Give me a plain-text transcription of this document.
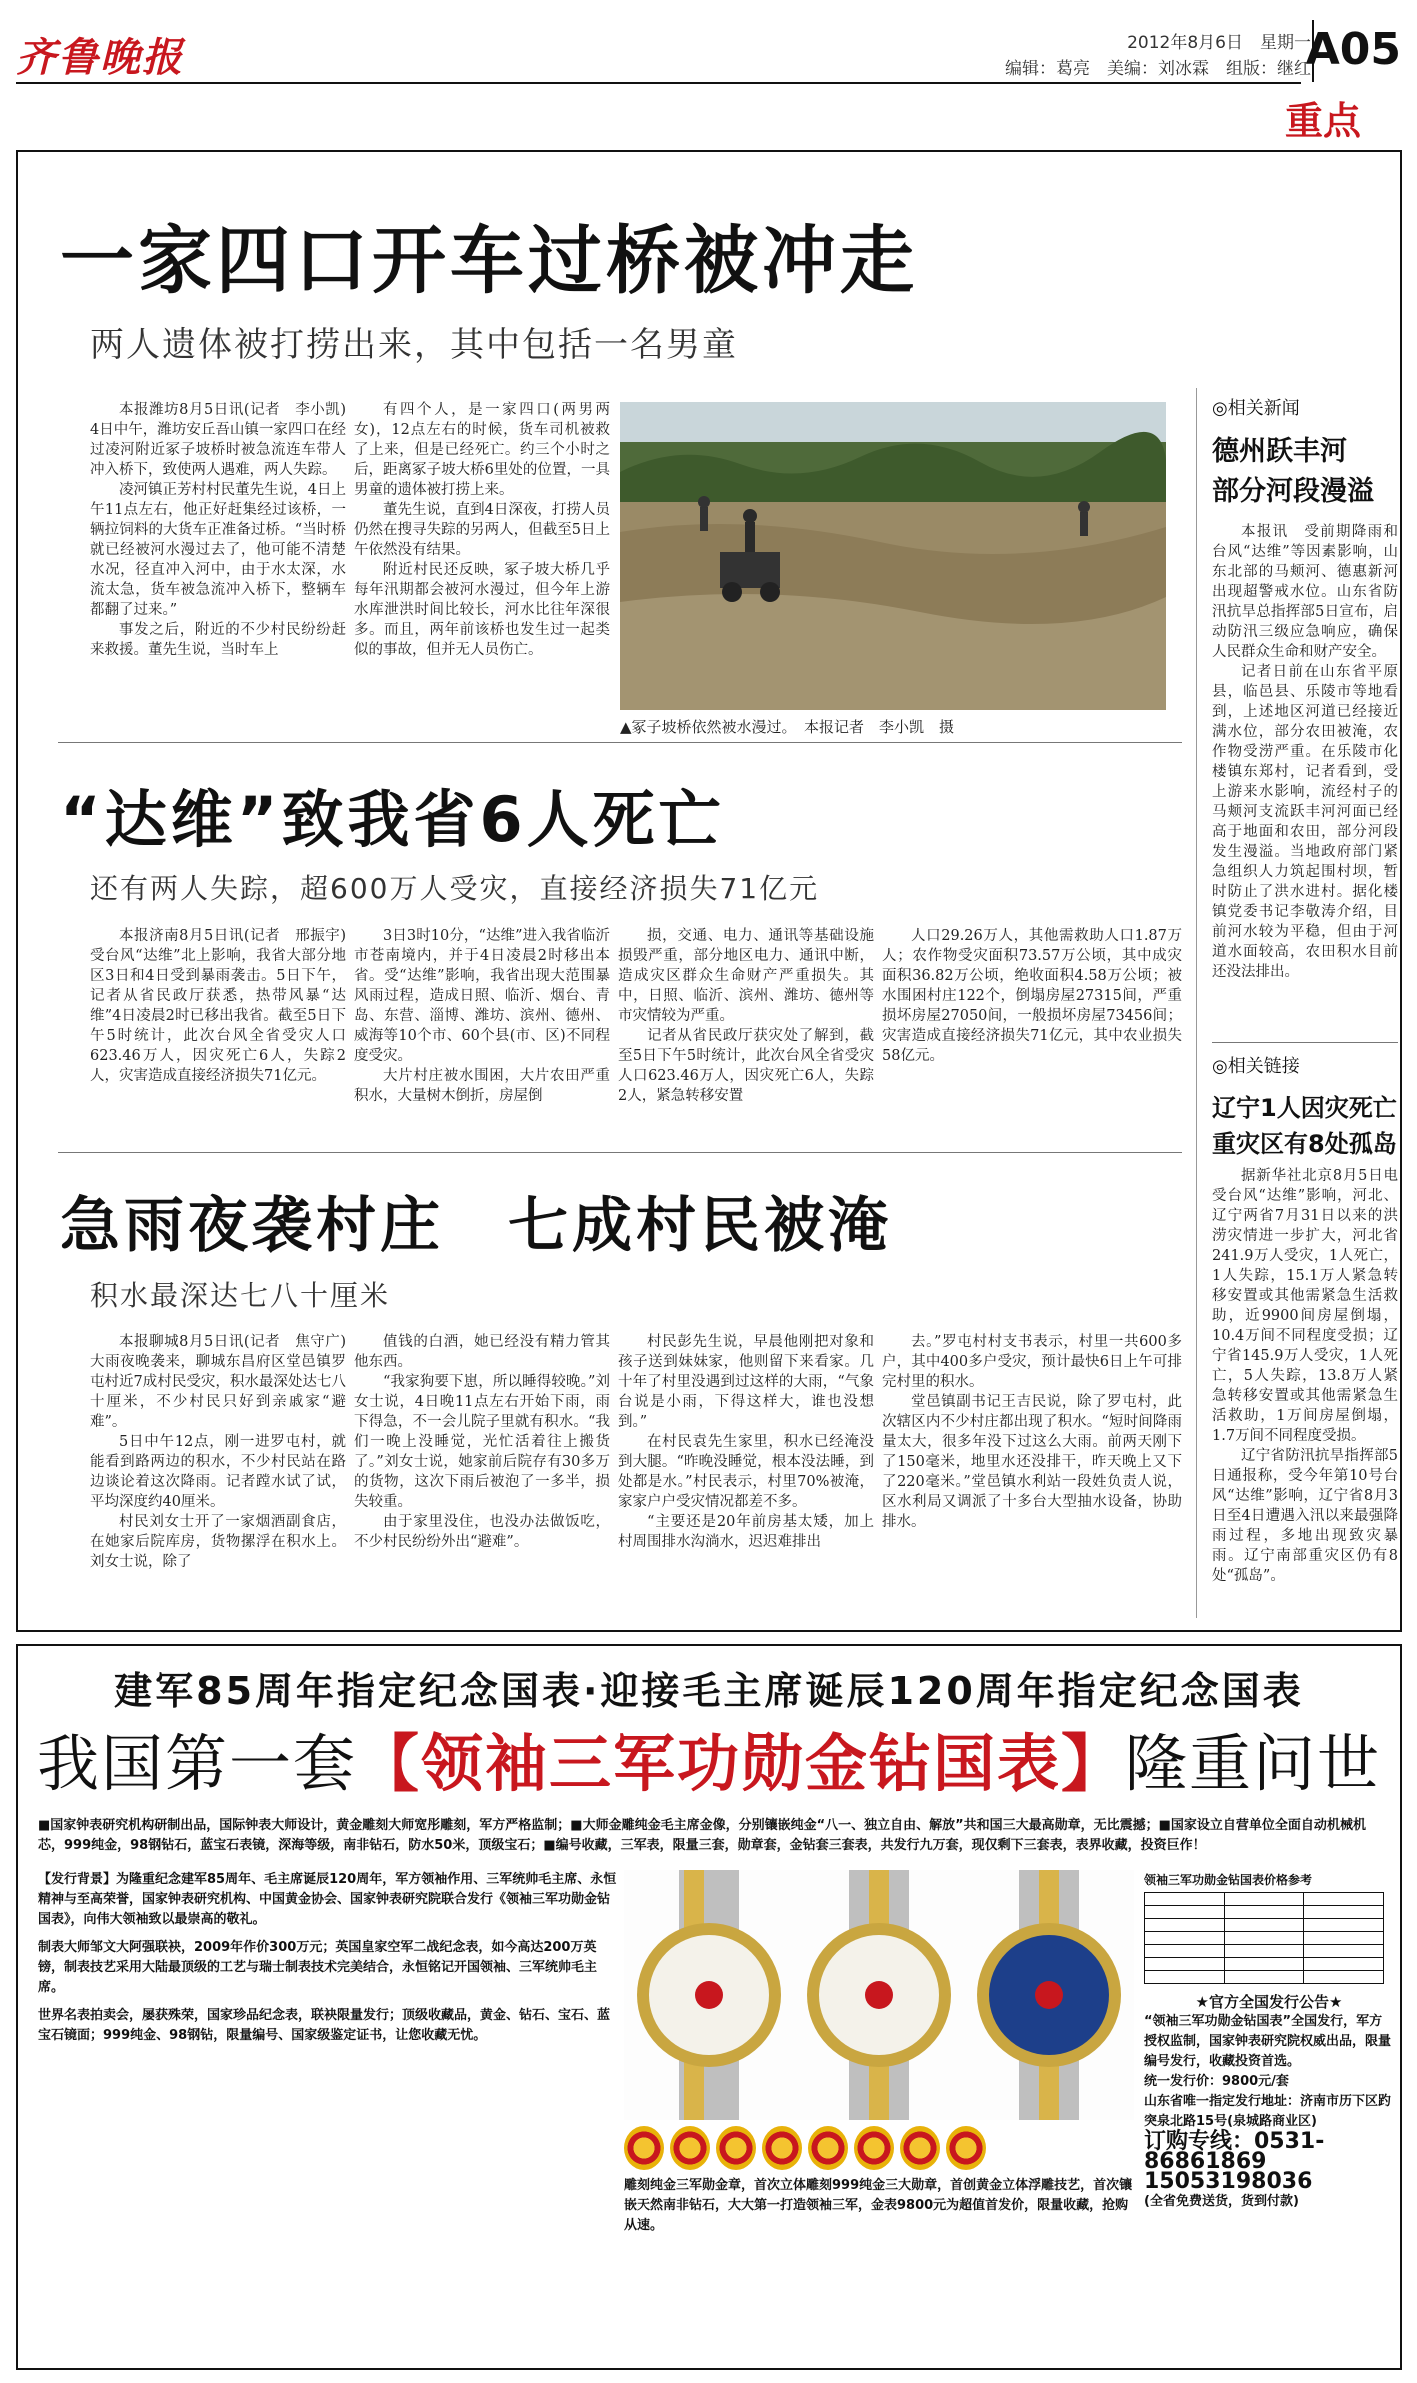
齐鲁晚报	2012年8月6日　星期一
编辑：葛亮　美编：刘冰霖　组版：继红
A05
重点
一家四口开车过桥被冲走
两人遗体被打捞出来，其中包括一名男童

本报潍坊8月5日讯(记者　李小凯)　4日中午，潍坊安丘吾山镇一家四口在经过凌河附近冢子坡桥时被急流连车带人冲入桥下，致使两人遇难，两人失踪。

凌河镇正芳村村民董先生说，4日上午11点左右，他正好赶集经过该桥，一辆拉饲料的大货车正准备过桥。“当时桥就已经被河水漫过去了，他可能不清楚水况，径直冲入河中，由于水太深，水流太急，货车被急流冲入桥下，整辆车都翻了过来。”

事发之后，附近的不少村民纷纷赶来救援。董先生说，当时车上

有四个人，是一家四口(两男两女)，12点左右的时候，货车司机被救了上来，但是已经死亡。约三个小时之后，距离冢子坡大桥6里处的位置，一具男童的遗体被打捞上来。

董先生说，直到4日深夜，打捞人员仍然在搜寻失踪的另两人，但截至5日上午依然没有结果。

附近村民还反映，冢子坡大桥几乎每年汛期都会被河水漫过，但今年上游水库泄洪时间比较长，河水比往年深很多。而且，两年前该桥也发生过一起类似的事故，但并无人员伤亡。

▲冢子坡桥依然被水漫过。　本报记者　李小凯　摄
“达维”致我省6人死亡
还有两人失踪，超600万人受灾，直接经济损失71亿元

本报济南8月5日讯(记者　邢振宇)　受台风“达维”北上影响，我省大部分地区3日和4日受到暴雨袭击。5日下午，记者从省民政厅获悉，热带风暴“达维”4日凌晨2时已移出我省。截至5日下午5时统计，此次台风全省受灾人口623.46万人，因灾死亡6人，失踪2人，灾害造成直接经济损失71亿元。

3日3时10分，“达维”进入我省临沂市苍南境内，并于4日凌晨2时移出本省。受“达维”影响，我省出现大范围暴风雨过程，造成日照、临沂、烟台、青岛、东营、淄博、潍坊、滨州、德州、威海等10个市、60个县(市、区)不同程度受灾。

大片村庄被水围困，大片农田严重积水，大量树木倒折，房屋倒

损，交通、电力、通讯等基础设施损毁严重，部分地区电力、通讯中断，造成灾区群众生命财产严重损失。其中，日照、临沂、滨州、潍坊、德州等市灾情较为严重。

记者从省民政厅获灾处了解到，截至5日下午5时统计，此次台风全省受灾人口623.46万人，因灾死亡6人，失踪2人，紧急转移安置

人口29.26万人，其他需救助人口1.87万人；农作物受灾面积73.57万公顷，其中成灾面积36.82万公顷，绝收面积4.58万公顷；被水围困村庄122个，倒塌房屋27315间，严重损坏房屋27050间，一般损坏房屋73456间；灾害造成直接经济损失71亿元，其中农业损失58亿元。

急雨夜袭村庄　七成村民被淹
积水最深达七八十厘米

本报聊城8月5日讯(记者　焦守广)　大雨夜晚袭来，聊城东昌府区堂邑镇罗屯村近7成村民受灾，积水最深处达七八十厘米，不少村民只好到亲戚家“避难”。

5日中午12点，刚一进罗屯村，就能看到路两边的积水，不少村民站在路边谈论着这次降雨。记者蹚水试了试，平均深度约40厘米。

村民刘女士开了一家烟酒副食店，在她家后院库房，货物摞浮在积水上。刘女士说，除了

值钱的白酒，她已经没有精力管其他东西。

“我家狗要下崽，所以睡得较晚。”刘女士说，4日晚11点左右开始下雨，雨下得急，不一会儿院子里就有积水。“我们一晚上没睡觉，光忙活着往上搬货了。”刘女士说，她家前后院存有30多万的货物，这次下雨后被泡了一多半，损失较重。

由于家里没住，也没办法做饭吃，不少村民纷纷外出“避难”。

村民彭先生说，早晨他刚把对象和孩子送到妹妹家，他则留下来看家。几十年了村里没遇到过这样的大雨，“气象台说是小雨，下得这样大，谁也没想到。”

在村民袁先生家里，积水已经淹没到大腿。“昨晚没睡觉，根本没法睡，到处都是水。”村民表示，村里70%被淹，家家户户受灾情况都差不多。

“主要还是20年前房基太矮，加上村周围排水沟淌水，迟迟难排出

去。”罗屯村村支书表示，村里一共600多户，其中400多户受灾，预计最快6日上午可排完村里的积水。

堂邑镇副书记王吉民说，除了罗屯村，此次辖区内不少村庄都出现了积水。“短时间降雨量太大，很多年没下过这么大雨。前两天刚下了150毫米，地里水还没排干，昨天晚上又下了220毫米。”堂邑镇水利站一段姓负责人说，区水利局又调派了十多台大型抽水设备，协助排水。

◎相关新闻
德州跃丰河
部分河段漫溢

本报讯　受前期降雨和台风“达维”等因素影响，山东北部的马颊河、德惠新河出现超警戒水位。山东省防汛抗旱总指挥部5日宣布，启动防汛三级应急响应，确保人民群众生命和财产安全。

记者日前在山东省平原县，临邑县、乐陵市等地看到，上述地区河道已经接近满水位，部分农田被淹，农作物受涝严重。在乐陵市化楼镇东郑村，记者看到，受上游来水影响，流经村子的马颊河支流跃丰河河面已经高于地面和农田，部分河段发生漫溢。当地政府部门紧急组织人力筑起围村坝，暂时防止了洪水进村。据化楼镇党委书记李敬涛介绍，目前河水较为平稳，但由于河道水面较高，农田积水目前还没法排出。

◎相关链接
辽宁1人因灾死亡
重灾区有8处孤岛

据新华社北京8月5日电　受台风“达维”影响，河北、辽宁两省7月31日以来的洪涝灾情进一步扩大，河北省241.9万人受灾，1人死亡，1人失踪，15.1万人紧急转移安置或其他需紧急生活救助，近9900间房屋倒塌，10.4万间不同程度受损；辽宁省145.9万人受灾，1人死亡，5人失踪，13.8万人紧急转移安置或其他需紧急生活救助，1万间房屋倒塌，1.7万间不同程度受损。

辽宁省防汛抗旱指挥部5日通报称，受今年第10号台风“达维”影响，辽宁省8月3日至4日遭遇入汛以来最强降雨过程，多地出现致灾暴雨。辽宁南部重灾区仍有8处“孤岛”。

建军85周年指定纪念国表·迎接毛主席诞辰120周年指定纪念国表
我国第一套【领袖三军功勋金钻国表】隆重问世
■国家钟表研究机构研制出品，国际钟表大师设计，黄金雕刻大师宽彤雕刻，军方严格监制；■大师金雕纯金毛主席金像，分别镶嵌纯金“八一、独立自由、解放”共和国三大最高勋章，无比震撼；■国家设立自营单位全面自动机械机芯，999纯金，98钢钻石，蓝宝石表镜，深海等级，南非钻石，防水50米，顶级宝石；■编号收藏，三军表，限量三套，勋章套，金钻套三套表，共发行九万套，现仅剩下三套表，表界收藏，投资巨作！

【发行背景】为隆重纪念建军85周年、毛主席诞辰120周年，军方领袖作用、三军统帅毛主席、永恒精神与至高荣誉，国家钟表研究机构、中国黄金协会、国家钟表研究院联合发行《领袖三军功勋金钻国表》，向伟大领袖致以最崇高的敬礼。

制表大师邹文大阿强联袂，2009年作价300万元；英国皇家空军二战纪念表，如今高达200万英镑，制表技艺采用大陆最顶级的工艺与瑞士制表技术完美结合，永恒铭记开国领袖、三军统帅毛主席。

世界名表拍卖会，屡获殊荣，国家珍品纪念表，联袂限量发行；顶级收藏品，黄金、钻石、宝石、蓝宝石镜面；999纯金、98钢钻，限量编号、国家级鉴定证书，让您收藏无忧。

雕刻纯金三军勋金章，首次立体雕刻999纯金三大勋章，首创黄金立体浮雕技艺，首次镶嵌天然南非钻石，大大第一打造领袖三军，金表9800元为超值首发价，限量收藏，抢购从速。

领袖三军功勋金钻国表价格参考

★官方全国发行公告★

“领袖三军功勋金钻国表”全国发行，军方授权监制，国家钟表研究院权威出品，限量编号发行，收藏投资首选。

统一发行价：9800元/套

山东省唯一指定发行地址：济南市历下区趵突泉北路15号(泉城路商业区)

订购专线：0531-86861869

15053198036

(全省免费送货，货到付款)
